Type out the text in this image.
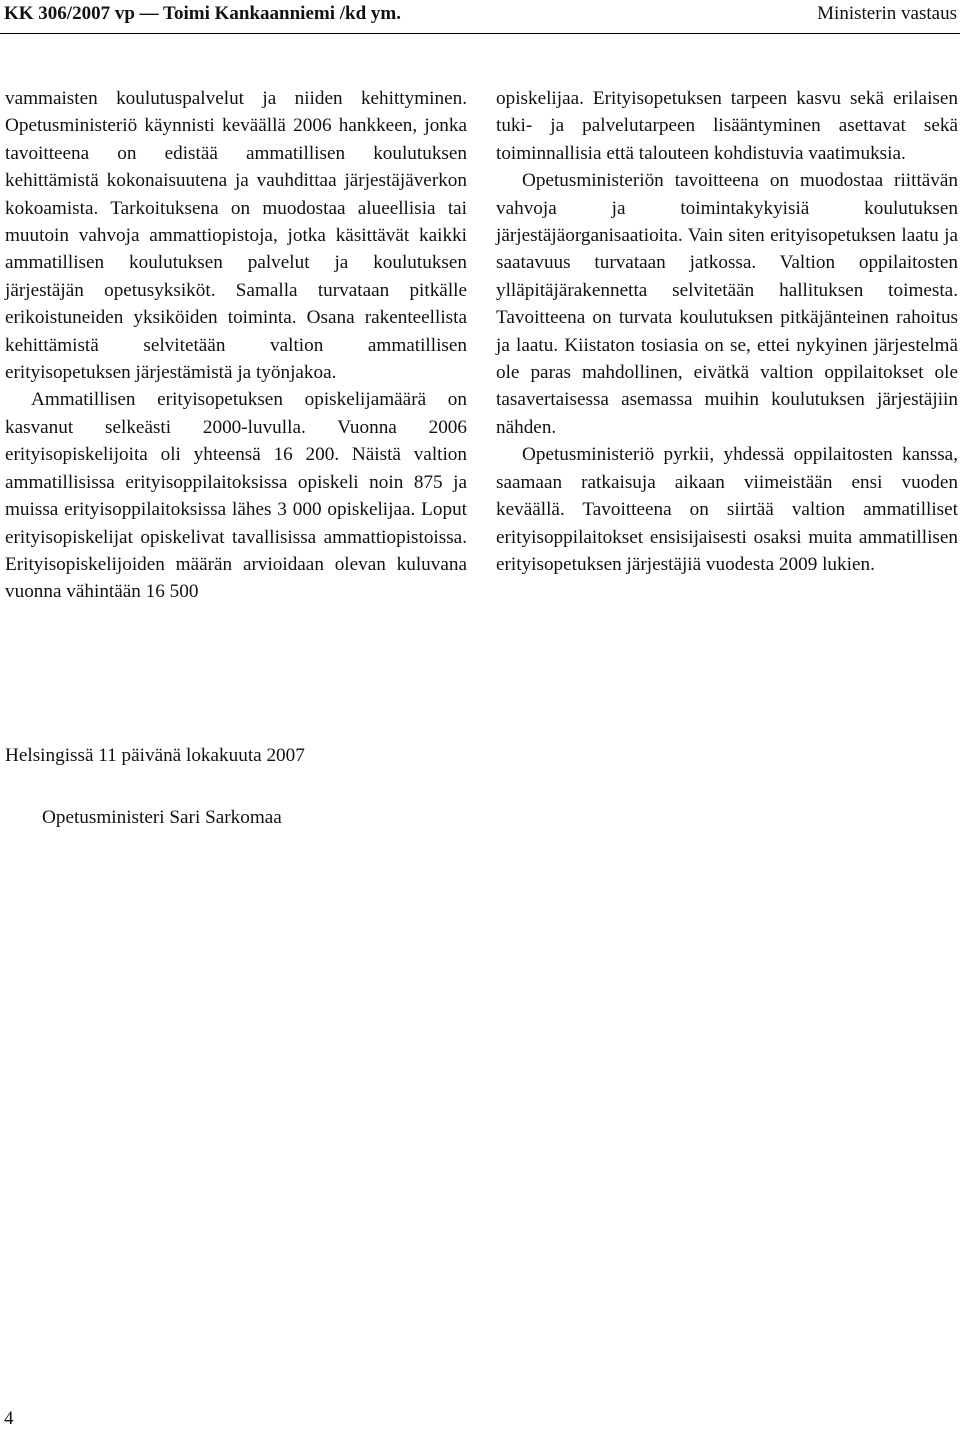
KK 306/2007 vp — Toimi Kankaanniemi /kd ym.	Ministerin vastaus

vammaisten koulutuspalvelut ja niiden kehittyminen. Opetusministeriö käynnisti keväällä 2006 hankkeen, jonka tavoitteena on edistää ammatillisen koulutuksen kehittämistä kokonaisuutena ja vauhdittaa järjestäjäverkon kokoamista. Tarkoituksena on muodostaa alueellisia tai muutoin vahvoja ammattiopistoja, jotka käsittävät kaikki ammatillisen koulutuksen palvelut ja koulutuksen järjestäjän opetusyksiköt. Samalla turvataan pitkälle erikoistuneiden yksiköiden toiminta. Osana rakenteellista kehittämistä selvitetään valtion ammatillisen erityisopetuksen järjestämistä ja työnjakoa.

Ammatillisen erityisopetuksen opiskelijamäärä on kasvanut selkeästi 2000-luvulla. Vuonna 2006 erityisopiskelijoita oli yhteensä 16 200. Näistä valtion ammatillisissa erityisoppilaitoksissa opiskeli noin 875 ja muissa erityisoppilaitoksissa lähes 3 000 opiskelijaa. Loput erityisopiskelijat opiskelivat tavallisissa ammattiopistoissa. Erityisopiskelijoiden määrän arvioidaan olevan kuluvana vuonna vähintään 16 500

opiskelijaa. Erityisopetuksen tarpeen kasvu sekä erilaisen tuki- ja palvelutarpeen lisääntyminen asettavat sekä toiminnallisia että talouteen kohdistuvia vaatimuksia.

Opetusministeriön tavoitteena on muodostaa riittävän vahvoja ja toimintakykyisiä koulutuksen järjestäjäorganisaatioita. Vain siten erityisopetuksen laatu ja saatavuus turvataan jatkossa. Valtion oppilaitosten ylläpitäjärakennetta selvitetään hallituksen toimesta. Tavoitteena on turvata koulutuksen pitkäjänteinen rahoitus ja laatu. Kiistaton tosiasia on se, ettei nykyinen järjestelmä ole paras mahdollinen, eivätkä valtion oppilaitokset ole tasavertaisessa asemassa muihin koulutuksen järjestäjiin nähden.

Opetusministeriö pyrkii, yhdessä oppilaitosten kanssa, saamaan ratkaisuja aikaan viimeistään ensi vuoden keväällä. Tavoitteena on siirtää valtion ammatilliset erityisoppilaitokset ensisijaisesti osaksi muita ammatillisen erityisopetuksen järjestäjiä vuodesta 2009 lukien.

Helsingissä 11 päivänä lokakuuta 2007
Opetusministeri Sari Sarkomaa
4
